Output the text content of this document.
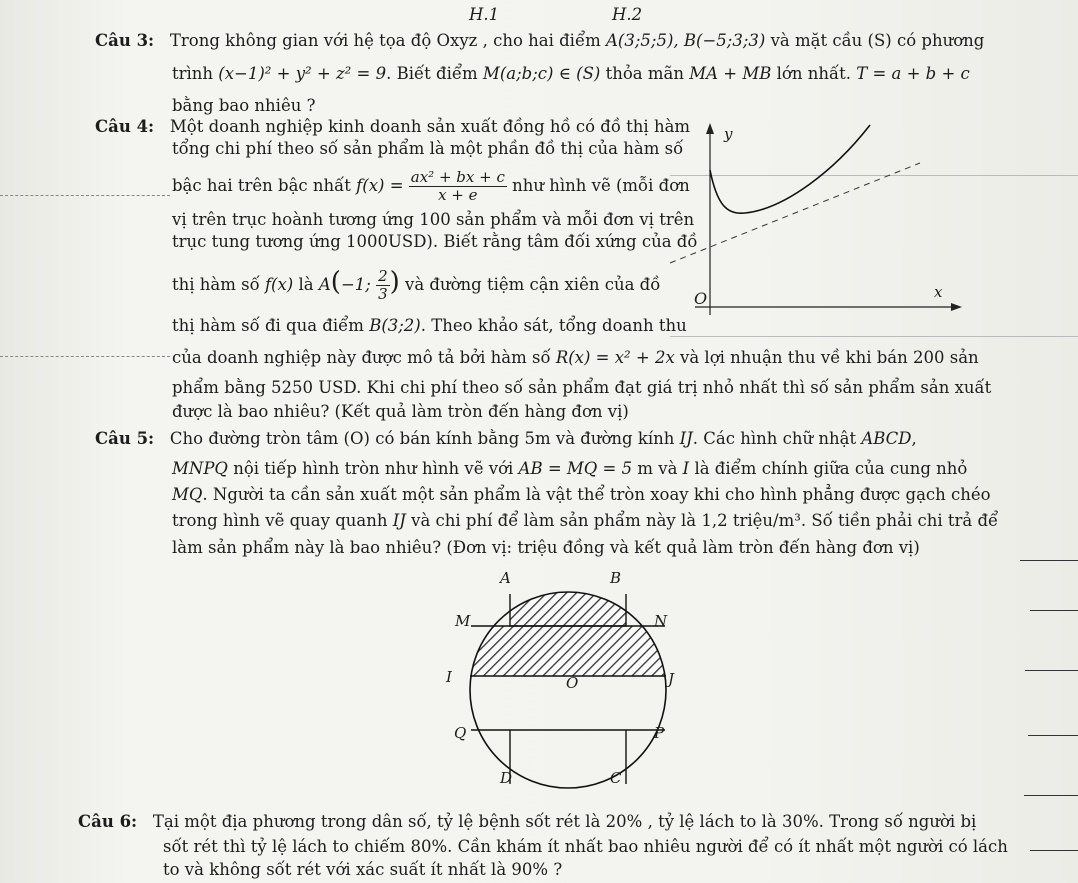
H.1	H.2
Câu 3: Trong không gian với hệ tọa độ Oxyz , cho hai điểm A(3;5;5), B(−5;3;3) và mặt cầu (S) có phương
trình (x−1)² + y² + z² = 9. Biết điểm M(a;b;c) ∈ (S) thỏa mãn MA + MB lớn nhất. T = a + b + c
bằng bao nhiêu ?
Câu 4: Một doanh nghiệp kinh doanh sản xuất đồng hồ có đồ thị hàm
tổng chi phí theo số sản phẩm là một phần đồ thị của hàm số
bậc hai trên bậc nhất $f(x) = \frac{\text{ax² + bx + c}}{x + e}$ như hình vẽ (mỗi đơn
vị trên trục hoành tương ứng 100 sản phẩm và mỗi đơn vị trên
trục tung tương ứng 1000USD). Biết rằng tâm đối xứng của đồ
thị hàm số f(x) là A(−1; $\frac{2}{3}$ ) và đường tiệm cận xiên của đồ
thị hàm số đi qua điểm B(3;2). Theo khảo sát, tổng doanh thu
của doanh nghiệp này được mô tả bởi hàm số R(x) = x² + 2x và lợi nhuận thu về khi bán 200 sản
phẩm bằng 5250 USD. Khi chi phí theo số sản phẩm đạt giá trị nhỏ nhất thì số sản phẩm sản xuất
được là bao nhiêu? (Kết quả làm tròn đến hàng đơn vị)
y
x
O
Câu 5: Cho đường tròn tâm (O) có bán kính bằng 5m và đường kính IJ. Các hình chữ nhật ABCD,
MNPQ nội tiếp hình tròn như hình vẽ với AB = MQ = 5 m và I là điểm chính giữa của cung nhỏ
MQ. Người ta cần sản xuất một sản phẩm là vật thể tròn xoay khi cho hình phẳng được gạch chéo
trong hình vẽ quay quanh IJ và chi phí để làm sản phẩm này là 1,2 triệu/m³. Số tiền phải chi trả để
làm sản phẩm này là bao nhiêu? (Đơn vị: triệu đồng và kết quả làm tròn đến hàng đơn vị)
A	B
M	N
I	O	J
Q	P
D	C
Câu 6: Tại một địa phương trong dân số, tỷ lệ bệnh sốt rét là 20% , tỷ lệ lách to là 30%. Trong số người bị
sốt rét thì tỷ lệ lách to chiếm 80%. Cần khám ít nhất bao nhiêu người để có ít nhất một người có lách
to và không sốt rét với xác suất ít nhất là 90% ?
